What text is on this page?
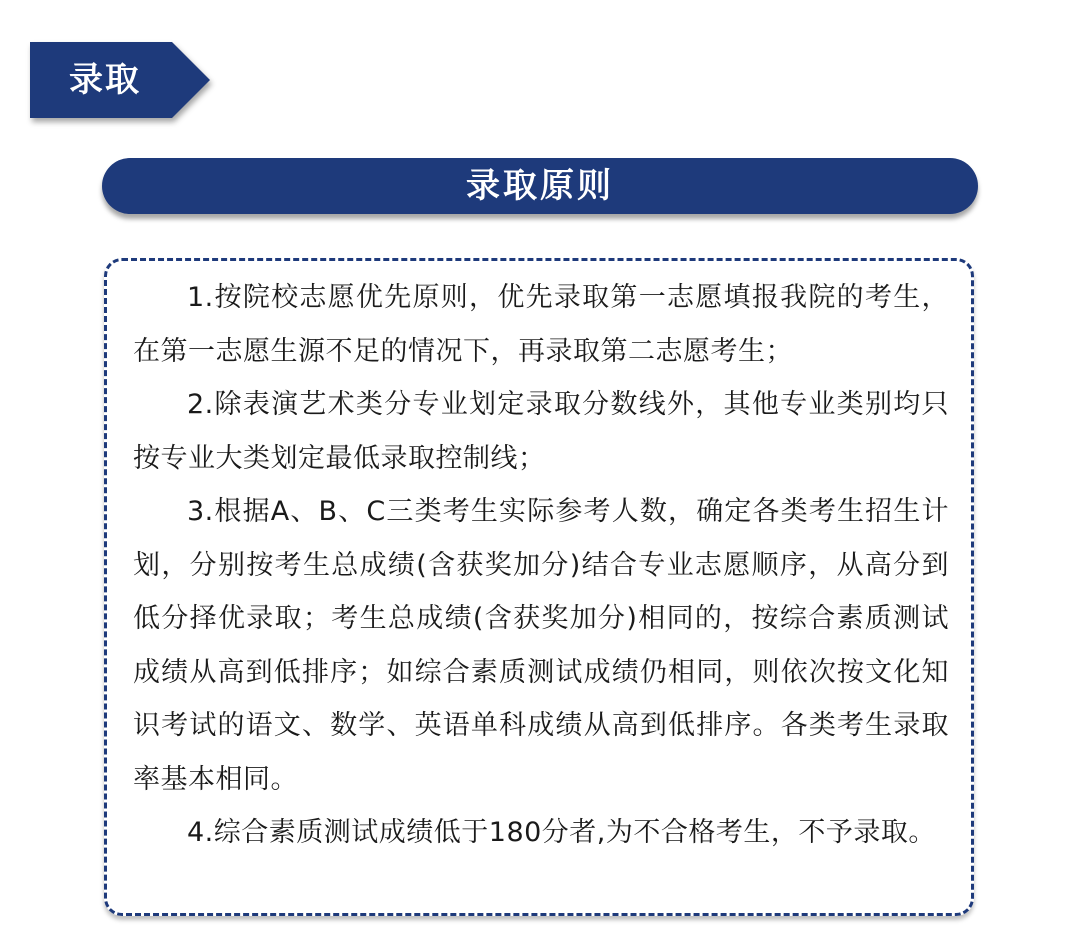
录取
录取原则

1.按院校志愿优先原则，优先录取第一志愿填报我院的考生，在第一志愿生源不足的情况下，再录取第二志愿考生；

2.除表演艺术类分专业划定录取分数线外，其他专业类别均只按专业大类划定最低录取控制线；

3.根据A、B、C三类考生实际参考人数，确定各类考生招生计划，分别按考生总成绩(含获奖加分)结合专业志愿顺序，从高分到低分择优录取；考生总成绩(含获奖加分)相同的，按综合素质测试成绩从高到低排序；如综合素质测试成绩仍相同，则依次按文化知识考试的语文、数学、英语单科成绩从高到低排序。各类考生录取率基本相同。

4.综合素质测试成绩低于180分者,为不合格考生，不予录取。
